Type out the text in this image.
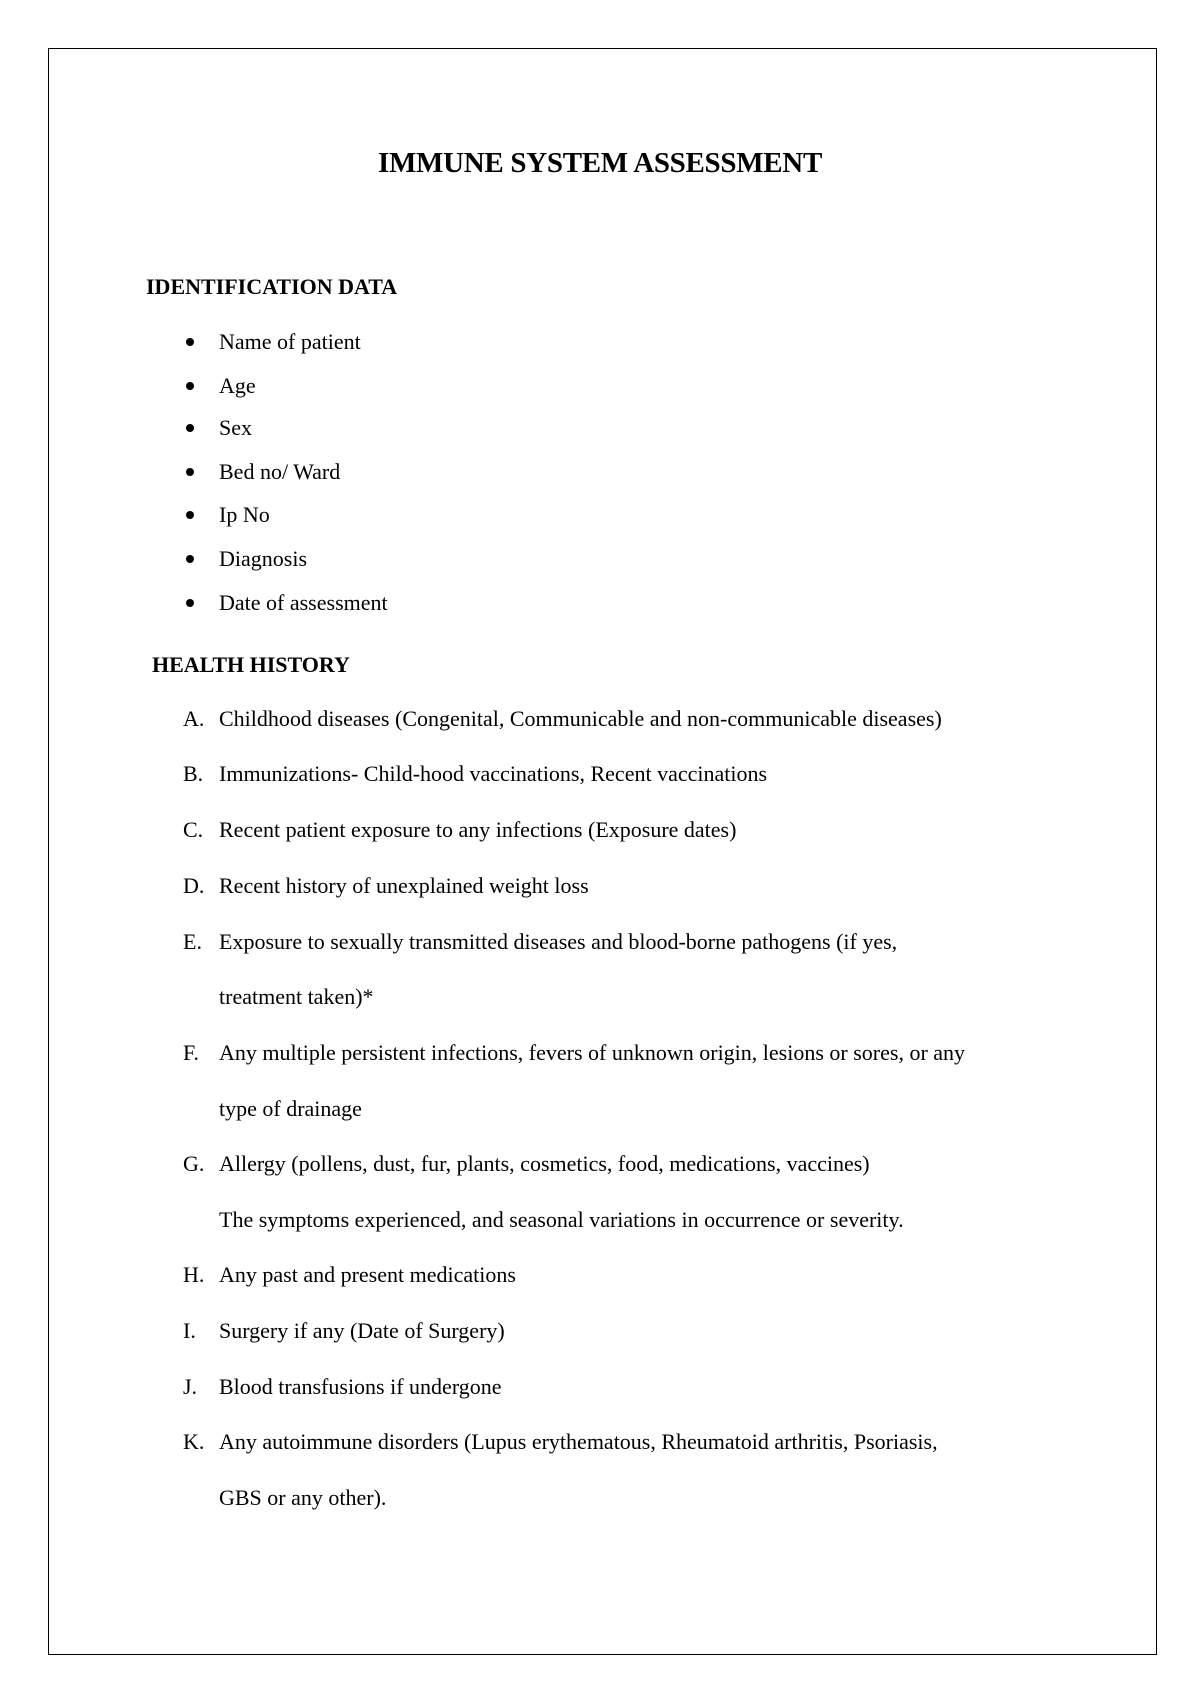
IMMUNE SYSTEM ASSESSMENT
IDENTIFICATION DATA
Name of patient
Age
Sex
Bed no/ Ward
Ip No
Diagnosis
Date of assessment
HEALTH HISTORY
A. Childhood diseases (Congenital, Communicable and non-communicable diseases)
B. Immunizations- Child-hood vaccinations, Recent vaccinations
C. Recent patient exposure to any infections (Exposure dates)
D. Recent history of unexplained weight loss
E. Exposure to sexually transmitted diseases and blood-borne pathogens (if yes,
treatment taken)*
F. Any multiple persistent infections, fevers of unknown origin, lesions or sores, or any
type of drainage
G. Allergy (pollens, dust, fur, plants, cosmetics, food, medications, vaccines)
The symptoms experienced, and seasonal variations in occurrence or severity.
H. Any past and present medications
I. Surgery if any (Date of Surgery)
J. Blood transfusions if undergone
K. Any autoimmune disorders (Lupus erythematous, Rheumatoid arthritis, Psoriasis,
GBS or any other).
